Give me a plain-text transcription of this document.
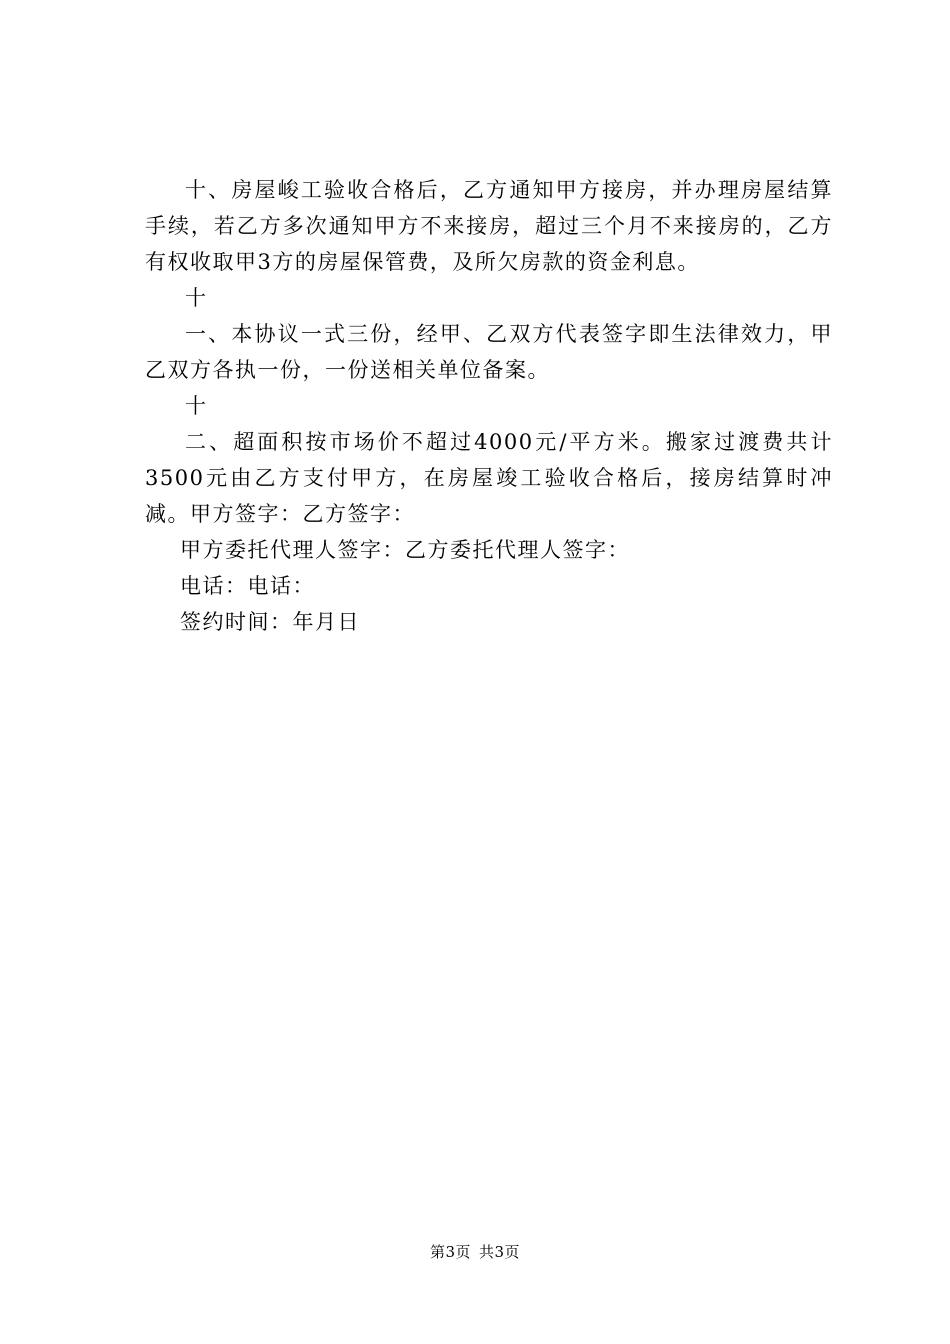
十、房屋峻工验收合格后，乙方通知甲方接房，并办理房屋结算手续，若乙方多次通知甲方不来接房，超过三个月不来接房的，乙方有权收取甲3方的房屋保管费，及所欠房款的资金利息。

十

一、本协议一式三份，经甲、乙双方代表签字即生法律效力，甲乙双方各执一份，一份送相关单位备案。

十

二、超面积按市场价不超过4000元/平方米。搬家过渡费共计3500元由乙方支付甲方，在房屋竣工验收合格后，接房结算时冲减。甲方签字：乙方签字：

甲方委托代理人签字：乙方委托代理人签字：

电话：电话：

签约时间：年月日

第3页 共3页
